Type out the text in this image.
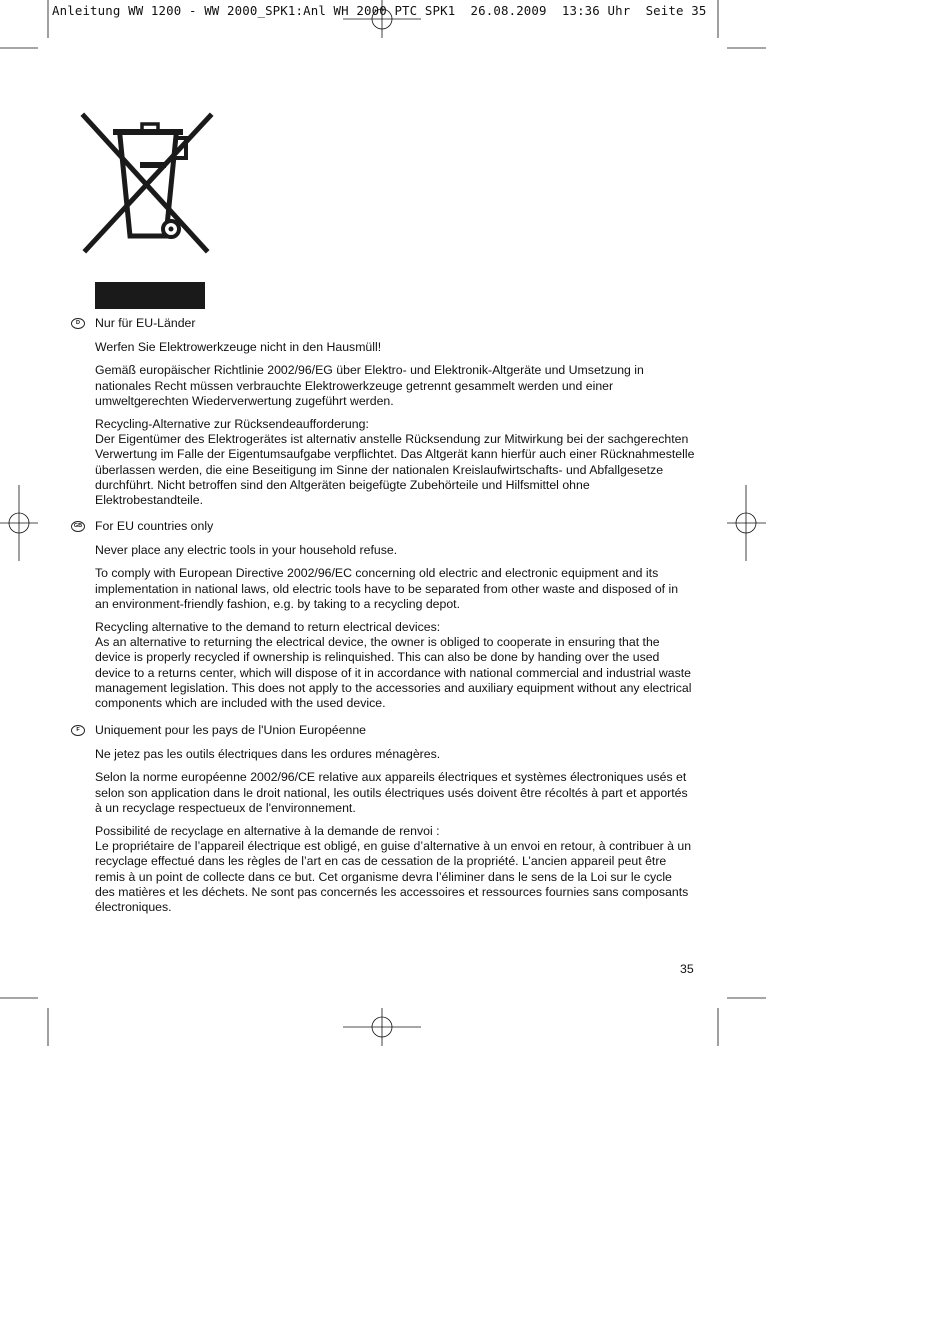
Anleitung WW 1200 - WW 2000_SPK1:Anl WH 2000 PTC SPK1  26.08.2009  13:36 Uhr  Seite 35
D	Nur für EU-Länder

Werfen Sie Elektrowerkzeuge nicht in den Hausmüll!

Gemäß europäischer Richtlinie 2002/96/EG über Elektro- und Elektronik-Altgeräte und Umsetzung in nationales Recht müssen verbrauchte Elektrowerkzeuge getrennt gesammelt werden und einer umweltgerechten Wiederverwertung zugeführt werden.

Recycling-Alternative zur Rücksendeaufforderung:

Der Eigentümer des Elektrogerätes ist alternativ anstelle Rücksendung zur Mitwirkung bei der sachgerechten Verwertung im Falle der Eigentumsaufgabe verpflichtet. Das Altgerät kann hierfür auch einer Rücknahmestelle überlassen werden, die eine Beseitigung im Sinne der nationalen Kreislaufwirtschafts- und Abfallgesetze durchführt. Nicht betroffen sind den Altgeräten beigefügte Zubehörteile und Hilfsmittel ohne Elektrobestandteile.

GB For EU countries only

Never place any electric tools in your household refuse.

To comply with European Directive 2002/96/EC concerning old electric and electronic equipment and its implementation in national laws, old electric tools have to be separated from other waste and disposed of in an environment-friendly fashion, e.g. by taking to a recycling depot.

Recycling alternative to the demand to return electrical devices:

As an alternative to returning the electrical device, the owner is obliged to cooperate in ensuring that the device is properly recycled if ownership is relinquished. This can also be done by handing over the used device to a returns center, which will dispose of it in accordance with national commercial and industrial waste management legislation. This does not apply to the accessories and auxiliary equipment without any electrical components which are included with the used device.

F	Uniquement pour les pays de l'Union Européenne

Ne jetez pas les outils électriques dans les ordures ménagères.

Selon la norme européenne 2002/96/CE relative aux appareils électriques et systèmes électroniques usés et selon son application dans le droit national, les outils électriques usés doivent être récoltés à part et apportés à un recyclage respectueux de l'environnement.

Possibilité de recyclage en alternative à la demande de renvoi :

Le propriétaire de l’appareil électrique est obligé, en guise d’alternative à un envoi en retour, à contribuer à un recyclage effectué dans les règles de l’art en cas de cessation de la propriété. L’ancien appareil peut être remis à un point de collecte dans ce but. Cet organisme devra l’éliminer dans le sens de la Loi sur le cycle des matières et les déchets. Ne sont pas concernés les accessoires et ressources fournies sans composants électroniques.

35
